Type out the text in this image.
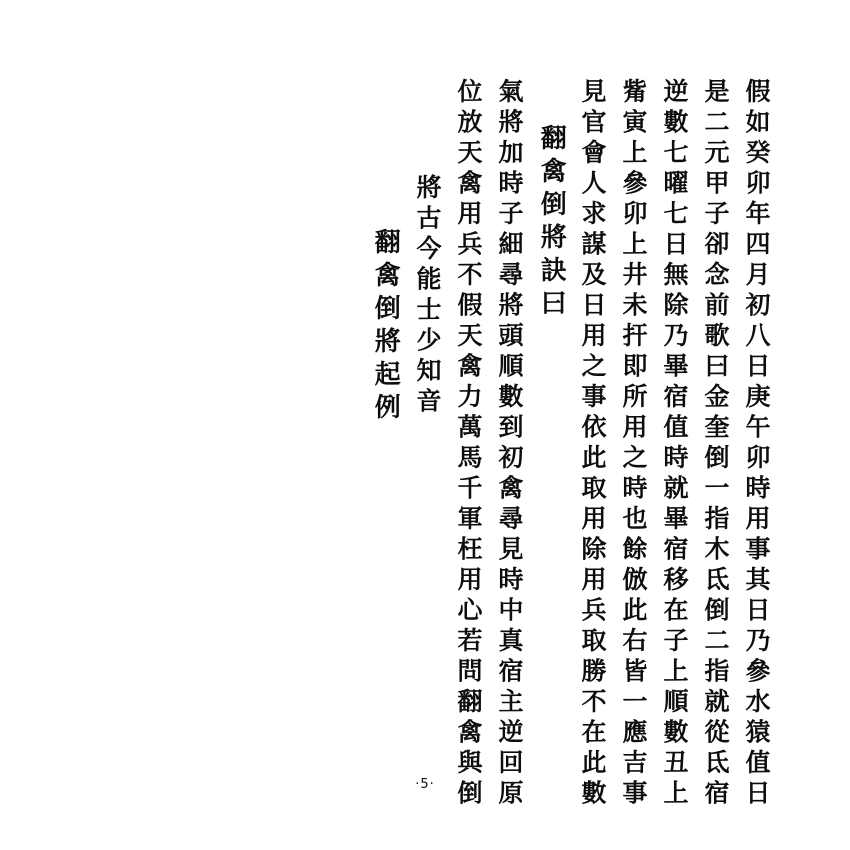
假如癸卯年四月初八日庚午卯時用事其日乃參水猿值日
是二元甲子卻念前歌曰金奎倒一指木氐倒二指就從氐宿
逆數七曜七日無除乃畢宿值時就畢宿移在子上順數丑上
觜寅上參卯上井未扞即所用之時也餘倣此右皆一應吉事
見官會人求謀及日用之事依此取用除用兵取勝不在此數
翻禽倒將訣曰
氣將加時子細尋將頭順數到初禽尋見時中真宿主逆回原
位放天禽用兵不假天禽力萬馬千軍枉用心若問翻禽與倒
將古今能士少知音
翻禽倒將起例
·5·
